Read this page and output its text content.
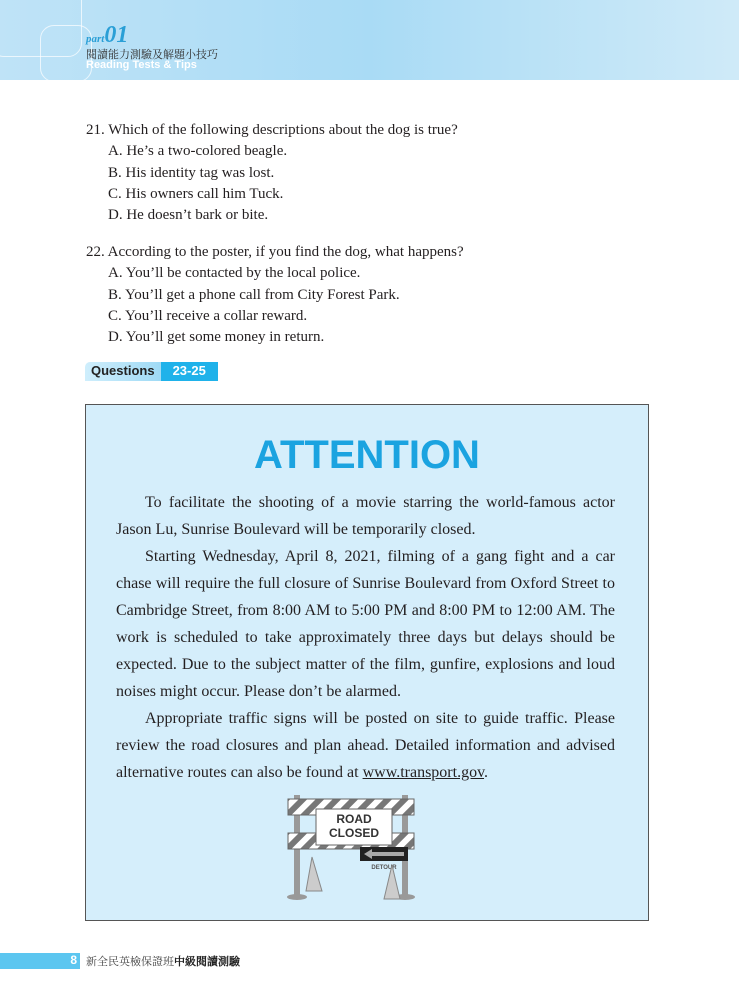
part01
閱讀能力測驗及解題小技巧
Reading Tests & Tips
21. Which of the following descriptions about the dog is true?
A. He’s a two-colored beagle.
B. His identity tag was lost.
C. His owners call him Tuck.
D. He doesn’t bark or bite.
22. According to the poster, if you find the dog, what happens?
A. You’ll be contacted by the local police.
B. You’ll get a phone call from City Forest Park.
C. You’ll receive a collar reward.
D. You’ll get some money in return.
Questions	23-25
ATTENTION

To facilitate the shooting of a movie starring the world-famous actor Jason Lu, Sunrise Boulevard will be temporarily closed.

Starting Wednesday, April 8, 2021, filming of a gang fight and a car chase will require the full closure of Sunrise Boulevard from Oxford Street to Cambridge Street, from 8:00 AM to 5:00 PM and 8:00 PM to 12:00 AM. The work is scheduled to take approximately three days but delays should be expected. Due to the subject matter of the film, gunfire, explosions and loud noises might occur. Please don’t be alarmed.

Appropriate traffic signs will be posted on site to guide traffic. Please review the road closures and plan ahead. Detailed information and advised alternative routes can also be found at www.transport.gov.

ROAD
CLOSED
DETOUR
8 新全民英檢保證班中級閱讀測驗
